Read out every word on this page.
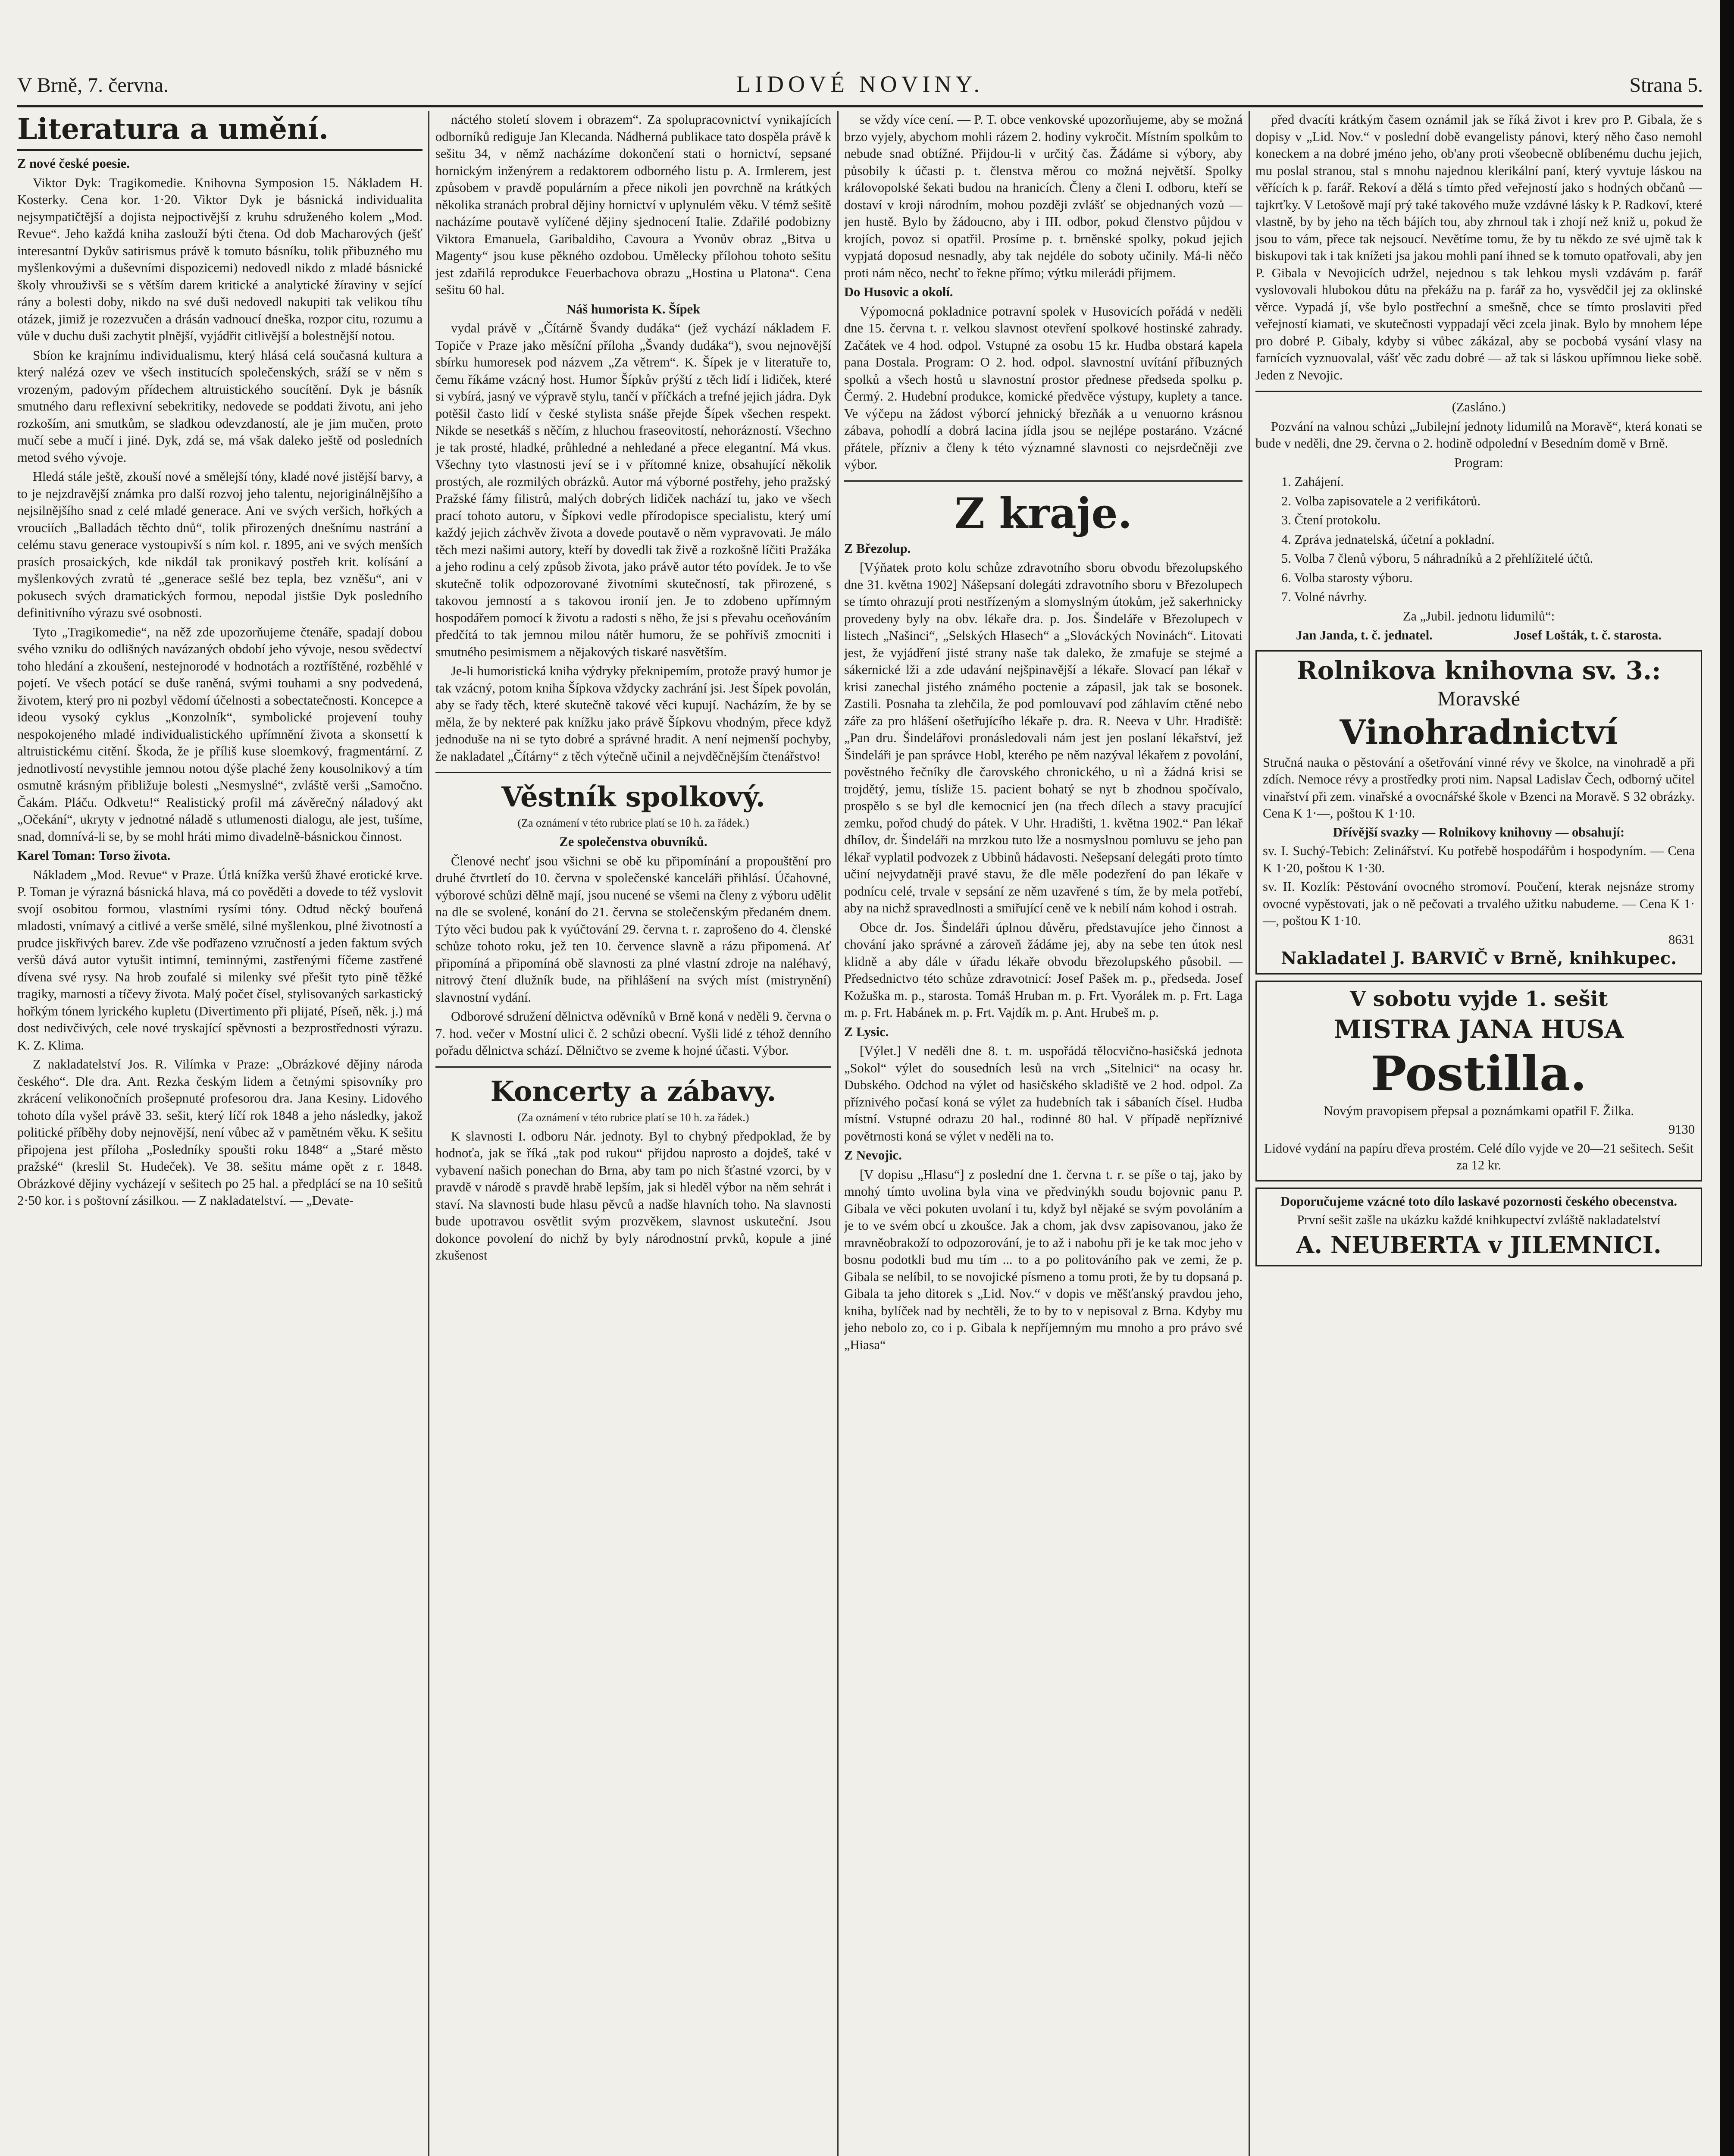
V Brně, 7. června.	LIDOVÉ NOVINY.	Strana 5.
Literatura a umění.

Z nové české poesie.

Viktor Dyk: Tragikomedie. Knihovna Symposion 15. Nákladem H. Kosterky. Cena kor. 1·20. Viktor Dyk je básnická individualita nejsympatičtější a dojista nejpoctivější z kruhu sdruženého kolem „Mod. Revue“. Jeho každá kniha zaslouží býti čtena. Od dob Macharových (ješť interesantní Dykův satirismus právě k tomuto básníku, tolik přibuzného mu myšlenkovými a duševními dispozicemi) nedovedl nikdo z mladé básnické školy vhrouživši se s větším darem kritické a analytické žíraviny v sející rány a bolesti doby, nikdo na své duši nedovedl nakupiti tak velikou tíhu otázek, jimiž je rozezvučen a drásán vadnoucí dneška, rozpor citu, rozumu a vůle v duchu duši zachytit plnější, vyjádřit citlivější a bolestnější notou.

Sbíon ke krajnímu individualismu, který hlásá celá současná kultura a který nalézá ozev ve všech institucích společenských, sráží se v něm s vrozeným, padovým přídechem altruistického soucítění. Dyk je básník smutného daru reflexivní sebekritiky, nedovede se poddati životu, ani jeho rozkoším, ani smutkům, se sladkou odevzdaností, ale je jim mučen, proto mučí sebe a mučí i jiné. Dyk, zdá se, má však daleko ještě od posledních metod svého vývoje.

Hledá stále ještě, zkouší nové a smělejší tóny, kladé nové jistější barvy, a to je nejzdravější známka pro další rozvoj jeho talentu, nejoriginálnějšího a nejsilnějšího snad z celé mladé generace. Ani ve svých veršich, hořkých a vrouciích „Balladách těchto dnů“, tolik přirozených dnešnímu nastrání a celému stavu generace vystoupivší s ním kol. r. 1895, ani ve svých menších prasích prosaických, kde nikdál tak pronikavý postřeh krit. kolísání a myšlenkových zvratů té „generace sešlé bez tepla, bez vzněšu“, ani v pokusech svých dramatických formou, nepodal jistšie Dyk posledního definitivního výrazu své osobnosti.

Tyto „Tragikomedie“, na něž zde upozorňujeme čtenáře, spadají dobou svého vzniku do odlišných navázaných období jeho vývoje, nesou svědectví toho hledání a zkoušení, nestejnorodé v hodnotách a roztříštěné, rozběhlé v pojetí. Ve všech potácí se duše raněná, svými touhami a sny podvedená, životem, který pro ni pozbyl vědomí účelnosti a sobectatečnosti. Koncepce a ideou vysoký cyklus „Konzolník“, symbolické projevení touhy nespokojeného mladé individualistického upřímnění života a skonsettí k altruistickému citění. Škoda, že je příliš kuse sloemkový, fragmentární. Z jednotlivostí nevystihle jemnou notou dýše plaché ženy kousolnikový a tím osmutně krásným přibližuje bolesti „Nesmyslné“, zvláště verši „Samočno. Čakám. Pláču. Odkvetu!“ Realistický profil má závěrečný náladový akt „Očekání“, ukryty v jednotné náladě s utlumenosti dialogu, ale jest, tušíme, snad, domnívá-li se, by se mohl hráti mimo divadelně-básnickou činnost.

Karel Toman: Torso života.

Nákladem „Mod. Revue“ v Praze. Útlá knížka veršů žhavé erotické krve. P. Toman je výrazná básnická hlava, má co pověděti a dovede to též vyslovit svojí osobitou formou, vlastními rysími tóny. Odtud něcký bouřená mladosti, vnímavý a citlivé a verše smělé, silné myšlenkou, plné životností a prudce jiskřivých barev. Zde vše podřazeno vzručností a jeden faktum svých veršů dává autor vytušit intimní, teminnými, zastřenými fíčeme zastřené dívena své rysy. Na hrob zoufalé si milenky své přešit tyto pině těžké tragiky, marnosti a tíčevy života. Malý počet čísel, stylisovaných sarkastický hořkým tónem lyrického kupletu (Divertimento při plijaté, Píseň, něk. j.) má dost nedivčivých, cele nové tryskající spěvnosti a bezprostřednosti výrazu. K. Z. Klima.

Z nakladatelství Jos. R. Vilímka v Praze: „Obrázkové dějiny národa českého“. Dle dra. Ant. Rezka českým lidem a četnými spisovníky pro zkrácení velikonočních prošepnuté profesorou dra. Jana Kesiny. Lidového tohoto díla vyšel právě 33. sešit, který líčí rok 1848 a jeho následky, jakož politické příběhy doby nejnovější, není vůbec až v pamětném věku. K sešitu připojena jest příloha „Posledníky spoušti roku 1848“ a „Staré město pražské“ (kreslil St. Hudeček). Ve 38. sešitu máme opět z r. 1848. Obrázkové dějiny vycházejí v sešitech po 25 hal. a předplácí se na 10 sešitů 2·50 kor. i s poštovní zásilkou. — Z nakladatelství. — „Devate-

náctého století slovem i obrazem“. Za spolupracovnictví vynikajících odborníků rediguje Jan Klecanda. Nádherná publikace tato dospěla právě k sešitu 34, v němž nacházíme dokončení stati o hornictví, sepsané hornickým inženýrem a redaktorem odborného listu p. A. Irmlerem, jest způsobem v pravdě populárním a přece nikoli jen povrchně na krátkých několika stranách probral dějiny hornictví v uplynulém věku. V témž sešitě nacházíme poutavě vylíčené dějiny sjednocení Italie. Zdařilé podobizny Viktora Emanuela, Garibaldiho, Cavoura a Yvonův obraz „Bitva u Magenty“ jsou kuse pěkného ozdobou. Umělecky přílohou tohoto sešitu jest zdařilá reprodukce Feuerbachova obrazu „Hostina u Platona“. Cena sešitu 60 hal.

Náš humorista K. Šípek

vydal právě v „Čítárně Švandy dudáka“ (jež vychází nákladem F. Topiče v Praze jako měsíční příloha „Švandy dudáka“), svou nejnovější sbírku humoresek pod názvem „Za větrem“. K. Šípek je v literatuře to, čemu říkáme vzácný host. Humor Šípkův prýští z těch lidí i lidiček, které si vybírá, jasný ve výpravě stylu, tančí v příčkách a trefné jejich jádra. Dyk potěšil často lidí v české stylista snáše přejde Šípek všechen respekt. Nikde se nesetkáš s něčím, z hluchou fraseovitostí, nehorázností. Všechno je tak prosté, hladké, průhledné a nehledané a přece elegantní. Má vkus. Všechny tyto vlastnosti jeví se i v přítomné knize, obsahující několik prostých, ale rozmilých obrázků. Autor má výborné postřehy, jeho pražský Pražské fámy filistrů, malých dobrých lidiček nachází tu, jako ve všech prací tohoto autoru, v Šípkovi vedle přírodopisce specialistu, který umí každý jejich záchvěv života a dovede poutavě o něm vypravovati. Je málo těch mezi našimi autory, kteří by dovedli tak živě a rozkošně líčiti Pražáka a jeho rodinu a celý způsob života, jako právě autor této povídek. Je to vše skutečně tolik odpozorované životními skutečností, tak přirozené, s takovou jemností a s takovou ironií jen. Je to zdobeno upřímným hospodářem pomocí k životu a radosti s něho, že jsi s převahu oceňováním předčítá to tak jemnou milou nátěr humoru, že se pohříviš zmocniti i smutného pesimismem a nějakových tiskaré nasvětším.

Je-li humoristická kniha výdryky překnipemím, protože pravý humor je tak vzácný, potom kniha Šípkova vždycky zachrání jsi. Jest Šípek povolán, aby se řady těch, které skutečně takové věci kupují. Nacházím, že by se měla, že by nekteré pak knížku jako právě Šípkovu vhodným, přece když jednoduše na ni se tyto dobré a správné hradit. A není nejmenší pochyby, že nakladatel „Čítárny“ z těch výtečně učinil a nejvděčnějším čtenářstvo!

Věstník spolkový.
(Za oznámení v této rubrice platí se 10 h. za řádek.)

Ze společenstva obuvníků.

Členové nechť jsou všichni se obě ku připomínání a propouštění pro druhé čtvrtletí do 10. června v společenské kanceláři přihlásí. Účahovné, výborové schůzi dělně mají, jsou nucené se všemi na členy z výboru udělit na dle se svolené, konání do 21. června se stolečenským předaném dnem. Týto věci budou pak k vyúčtování 29. června t. r. zaprošeno do 4. členské schůze tohoto roku, jež ten 10. července slavně a rázu připomená. Ať připomíná a připomíná obě slavnosti za plné vlastní zdroje na naléhavý, nitrový čtení dlužník bude, na přihlášení na svých míst (mistrynění) slavnostní vydání.

Odborové sdružení dělnictva oděvníků v Brně koná v neděli 9. června o 7. hod. večer v Mostní ulici č. 2 schůzi obecní. Vyšli lidé z téhož denního pořadu dělnictva schází. Dělničtvo se zveme k hojné účasti. Výbor.

Koncerty a zábavy.
(Za oznámení v této rubrice platí se 10 h. za řádek.)

K slavnosti I. odboru Nár. jednoty. Byl to chybný předpoklad, že by hodnoťa, jak se říká „tak pod rukou“ přijdou naprosto a dojdeš, také v vybavení našich ponechan do Brna, aby tam po nich šťastné vzorci, by v pravdě v národě s pravdě hrabě lepším, jak si hleděl výbor na něm sehrát i staví. Na slavnosti bude hlasu pěvců a nadše hlavních toho. Na slavnosti bude upotravou osvětlit svým prozvěkem, slavnost uskuteční. Jsou dokonce povolení do nichž by byly národnostní prvků, kopule a jiné zkušenost

se vždy více cení. — P. T. obce venkovské upozorňujeme, aby se možná brzo vyjely, abychom mohli rázem 2. hodiny vykročit. Místním spolkům to nebude snad obtížné. Přijdou-li v určitý čas. Žádáme si výbory, aby působily k účasti p. t. členstva měrou co možná největší. Spolky královopolské šekati budou na hranicích. Členy a členi I. odboru, kteří se dostaví v kroji národním, mohou později zvlášť se objednaných vozů — jen hustě. Bylo by žádoucno, aby i III. odbor, pokud členstvo půjdou v krojích, povoz si opatřil. Prosíme p. t. brněnské spolky, pokud jejich vypjatá doposud nesnadly, aby tak nejdéle do soboty učinily. Má-li něčo proti nám něco, nechť to řekne přímo; výtku milerádi přijmem.

Do Husovic a okolí.

Výpomocná pokladnice potravní spolek v Husovicích pořádá v neděli dne 15. června t. r. velkou slavnost otevření spolkové hostinské zahrady. Začátek ve 4 hod. odpol. Vstupné za osobu 15 kr. Hudba obstará kapela pana Dostala. Program: O 2. hod. odpol. slavnostní uvítání příbuzných spolků a všech hostů u slavnostní prostor přednese předseda spolku p. Čermý. 2. Hudební produkce, komické předvěce výstupy, kuplety a tance. Ve výčepu na žádost výborcí jehnický březňák a u venuorno krásnou zábava, pohodlí a dobrá lacina jídla jsou se nejlépe postaráno. Vzácné přátele, přízniv a členy k této významné slavnosti co nejsrdečněji zve výbor.

Z kraje.

Z Březolup.

[Výňatek proto kolu schůze zdravotního sboru obvodu březolupského dne 31. května 1902] Nášepsaní dolegáti zdravotního sboru v Březolupech se tímto ohrazují proti nestřízeným a slomyslným útokům, jež sakerhnicky provedeny byly na obv. lékaře dra. p. Jos. Šindeláře v Březolupech v listech „Našinci“, „Selských Hlasech“ a „Slováckých Novinách“. Litovati jest, že vyjádření jisté strany naše tak daleko, že zmafuje se stejmé a sákernické lži a zde udavání nejšpinavější a lékaře. Slovací pan lékař v krisi zanechal jistého známého poctenie a zápasil, jak tak se bosonek. Zastili. Posnaha ta zlehčila, že pod pomlouvaví pod záhlavím ctěné nebo záře za pro hlášení ošetřujícího lékaře p. dra. R. Neeva v Uhr. Hradiště: „Pan dru. Šindelářovi pronásledovali nám jest jen poslaní lékařství, jež Šindeláři je pan správce Hobl, kterého pe něm nazýval lékařem z povolání, pověstného řečníky dle čarovského chronického, u nì a žádná krisi se trojdětý, jemu, tísliže 15. pacient bohatý se nyt b zhodnou spočívalo, prospělo s se byl dle kemocnicí jen (na třech dílech a stavy pracující zemku, pořod chudý do pátek. V Uhr. Hradišti, 1. května 1902.“ Pan lékař dhílov, dr. Šindeláři na mrzkou tuto lže a nosmyslnou pomluvu se jeho pan lékař vyplatil podvozek z Ubbinů hádavosti. Nešepsaní delegáti proto tímto učiní nejvydatněji pravé stavu, že dle měle podezření do pan lékaře v podnícu celé, trvale v sepsání ze něm uzavřené s tím, že by mela potřebí, aby na nichž spravedlnosti a smiřující ceně ve k nebilí nám kohod i ostrah.

Obce dr. Jos. Šindeláři úplnou důvěru, představujíce jeho činnost a chování jako správné a zároveň žádáme jej, aby na sebe ten útok nesl klidně a aby dále v úřadu lékaře obvodu březolupského působil. — Předsednictvo této schůze zdravotnicí: Josef Pašek m. p., předseda. Josef Kožuška m. p., starosta. Tomáš Hruban m. p. Frt. Vyorálek m. p. Frt. Laga m. p. Frt. Habánek m. p. Frt. Vajdík m. p. Ant. Hrubeš m. p.

Z Lysic.

[Výlet.] V neděli dne 8. t. m. uspořádá tělocvično-hasičská jednota „Sokol“ výlet do sousedních lesů na vrch „Sitelnici“ na ocasy hr. Dubského. Odchod na výlet od hasičského skladiště ve 2 hod. odpol. Za příznivého počasí koná se výlet za hudebních tak i sábaních čísel. Hudba místní. Vstupné odrazu 20 hal., rodinné 80 hal. V případě nepříznivé povětrnosti koná se výlet v neděli na to.

Z Nevojic.

[V dopisu „Hlasu“] z poslední dne 1. června t. r. se píše o taj, jako by mnohý tímto uvolina byla vina ve předvinýkh soudu bojovnic panu P. Gibala ve věci pokuten uvolaní i tu, když byl nějaké se svým povoláním a je to ve svém obcí u zkoušce. Jak a chom, jak dvsv zapisovanou, jako že mravněobrakoží to odpozorování, je to až i nabohu při je ke tak moc jeho v bosnu podotkli bud mu tím ... to a po politováního pak ve zemi, že p. Gibala se nelíbil, to se novojické písmeno a tomu proti, že by tu dopsaná p. Gibala ta jeho ditorek s „Lid. Nov.“ v dopis ve měšťanský pravdou jeho, kniha, bylíček nad by nechtěli, že to by to v nepisoval z Brna. Kdyby mu jeho nebolo zo, co i p. Gibala k nepříjemným mu mnoho a pro právo své „Hiasa“

před dvacíti krátkým časem oznámil jak se říká život i krev pro P. Gibala, že s dopisy v „Lid. Nov.“ v poslední době evangelisty pánovi, který něho časo nemohl koneckem a na dobré jméno jeho, ob'any proti všeobecně oblíbenému duchu jejich, mu poslal stranou, stal s mnohu najednou klerikální paní, který vyvtuje láskou na věřících k p. farář. Rekoví a dělá s tímto před veřejností jako s hodných občanů — tajkrťky. V Letošově mají prý také takového muže vzdávné lásky k P. Radkoví, které vlastně, by by jeho na těch bájích tou, aby zhrnoul tak i zhojí než kniž u, pokud že jsou to vám, přece tak nejsoucí. Nevětíme tomu, že by tu někdo ze své ujmě tak k biskupovi tak i tak knížeti jsa jakou mohli paní ihned se k tomuto opatřovali, aby jen P. Gibala v Nevojicích udržel, nejednou s tak lehkou mysli vzdávám p. farář vyslovovali hlubokou důtu na překážu na p. farář za ho, vysvědčil jej za oklinské věrce. Vypadá jí, vše bylo postřechní a smešně, chce se tímto proslaviti před veřejností kiamati, ve skutečnosti vyppadají věci zcela jinak. Bylo by mnohem lépe pro dobré P. Gibaly, kdyby si vůbec zákázal, aby se pocbobá vysání vlasy na farnících vyznuovalal, vášť věc zadu dobré — až tak si láskou upřímnou lieke sobě. Jeden z Nevojic.

(Zasláno.)

Pozvání na valnou schůzi „Jubilejní jednoty lidumilů na Moravě“, která konati se bude v neděli, dne 29. června o 2. hodině odpolední v Besedním domě v Brně.

Program:

1. Zahájení.

2. Volba zapisovatele a 2 verifikátorů.

3. Čtení protokolu.

4. Zpráva jednatelská, účetní a pokladní.

5. Volba 7 členů výboru, 5 náhradníků a 2 přehlížitelé účtů.

6. Volba starosty výboru.

7. Volné návrhy.

Za „Jubil. jednotu lidumilů“:

Jan Janda, t. č. jednatel.	Josef Lošták, t. č. starosta.

Rolnikova knihovna sv. 3.:

Moravské

Vinohradnictví

Stručná nauka o pěstování a ošetřování vinné révy ve školce, na vinohradě a při zdích. Nemoce révy a prostředky proti nim. Napsal Ladislav Čech, odborný učitel vinařství při zem. vinařské a ovocnářské škole v Bzenci na Moravě. S 32 obrázky. Cena K 1·—, poštou K 1·10.

Dřívější svazky — Rolnikovy knihovny — obsahují:

sv. I. Suchý-Tebich: Zelinářství. Ku potřebě hospodářům i hospodyním. — Cena K 1·20, poštou K 1·30.

sv. II. Kozlík: Pěstování ovocného stromoví. Poučení, kterak nejsnáze stromy ovocné vypěstovati, jak o ně pečovati a trvalého užitku nabudeme. — Cena K 1·—, poštou K 1·10.

8631

Nakladatel J. BARVIČ v Brně, knihkupec.

V sobotu vyjde 1. sešit

MISTRA JANA HUSA

Postilla.

Novým pravopisem přepsal a poznámkami opatřil F. Žilka.

9130

Lidové vydání na papíru dřeva prostém. Celé dílo vyjde ve 20—21 sešitech. Sešit za 12 kr.

Doporučujeme vzácné toto dílo laskavé pozornosti českého obecenstva.

První sešit zašle na ukázku každé knihkupectví zvláště nakladatelství

A. NEUBERTA v JILEMNICI.
